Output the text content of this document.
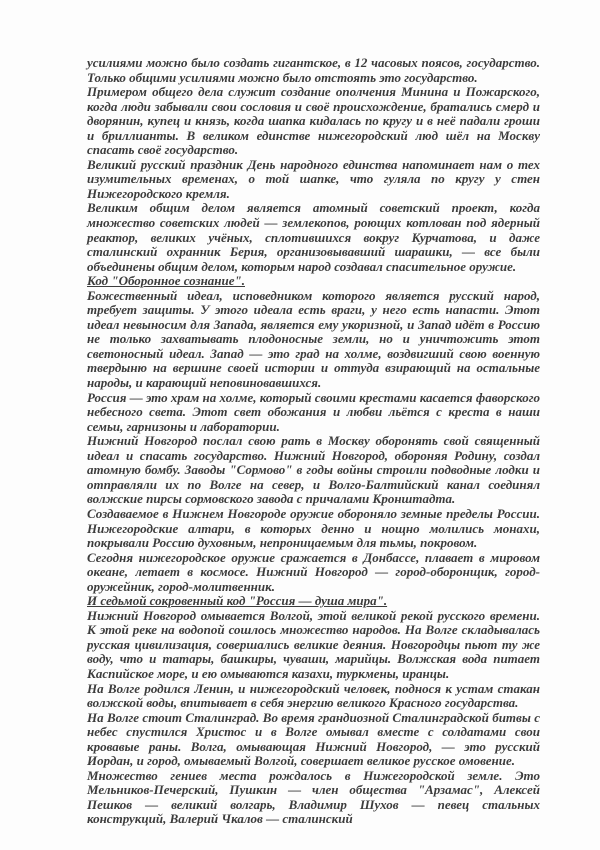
усилиями можно было создать гигантское, в 12 часовых поясов, государство. Только общими усилиями можно было отстоять это государство.

Примером общего дела служит создание ополчения Минина и Пожарского, когда люди забывали свои сословия и своё происхождение, братались смерд и дворянин, купец и князь, когда шапка кидалась по кругу и в неё падали гроши и бриллианты. В великом единстве нижегородский люд шёл на Москву спасать своё государство.

Великий русский праздник День народного единства напоминает нам о тех изумительных временах, о той шапке, что гуляла по кругу у стен Нижегородского кремля.

Великим общим делом является атомный советский проект, когда множество советских людей — землекопов, роющих котлован под ядерный реактор, великих учёных, сплотившихся вокруг Курчатова, и даже сталинский охранник Берия, организовывавший шарашки, — все были объединены общим делом, которым народ создавал спасительное оружие.

Код "Оборонное сознание".

Божественный идеал, исповедником которого является русский народ, требует защиты. У этого идеала есть враги, у него есть напасти. Этот идеал невыносим для Запада, является ему укоризной, и Запад идёт в Россию не только захватывать плодоносные земли, но и уничтожить этот светоносный идеал. Запад — это град на холме, воздвигший свою военную твердыню на вершине своей истории и оттуда взирающий на остальные народы, и карающий неповиновавшихся.

Россия — это храм на холме, который своими крестами касается фаворского небесного света. Этот свет обожания и любви льётся с креста в наши семьи, гарнизоны и лаборатории.

Нижний Новгород послал свою рать в Москву оборонять свой священный идеал и спасать государство. Нижний Новгород, обороняя Родину, создал атомную бомбу. Заводы "Сормово" в годы войны строили подводные лодки и отправляли их по Волге на север, и Волго-Балтийский канал соединял волжские пирсы сормовского завода с причалами Кронштадта.

Создаваемое в Нижнем Новгороде оружие обороняло земные пределы России. Нижегородские алтари, в которых денно и нощно молились монахи, покрывали Россию духовным, непроницаемым для тьмы, покровом.

Сегодня нижегородское оружие сражается в Донбассе, плавает в мировом океане, летает в космосе. Нижний Новгород — город-оборонщик, город-оружейник, город-молитвенник.

И седьмой сокровенный код "Россия — душа мира".

Нижний Новгород омывается Волгой, этой великой рекой русского времени. К этой реке на водопой сошлось множество народов. На Волге складывалась русская цивилизация, совершались великие деяния. Новгородцы пьют ту же воду, что и татары, башкиры, чуваши, марийцы. Волжская вода питает Каспийское море, и ею омываются казахи, туркмены, иранцы.

На Волге родился Ленин, и нижегородский человек, поднося к устам стакан волжской воды, впитывает в себя энергию великого Красного государства.

На Волге стоит Сталинград. Во время грандиозной Сталинградской битвы с небес спустился Христос и в Волге омывал вместе с солдатами свои кровавые раны. Волга, омывающая Нижний Новгород, — это русский Иордан, и город, омываемый Волгой, совершает великое русское омовение.

Множество гениев места рождалось в Нижегородской земле. Это Мельников-Печерский, Пушкин — член общества "Арзамас", Алексей Пешков — великий волгарь, Владимир Шухов — певец стальных конструкций, Валерий Чкалов — сталинский
